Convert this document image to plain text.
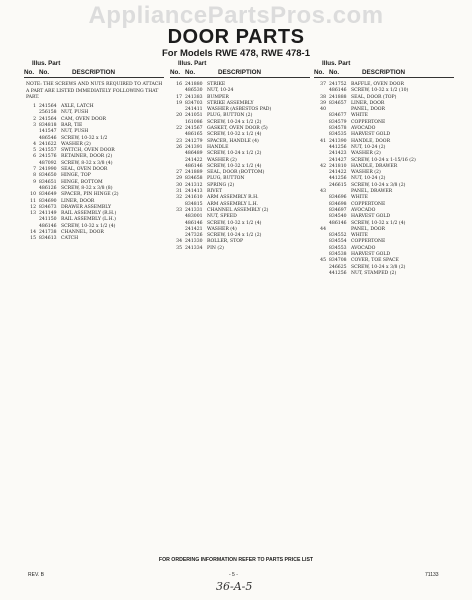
AppliancePartsPros.com
DOOR PARTS
For Models RWE 478, RWE 478-1
Illus. Part
No. No.	DESCRIPTION
NOTE: THE SCREWS AND NUTS REQUIRED TO ATTACH A PART ARE LISTED IMMEDIATELY FOLLOWING THAT PART.
1 241564 AXLE, LATCH
256158 NUT, PUSH
2 241564 CAM, OVEN DOOR
3 834818 BAR, TIE
141547 NUT, PUSH
486546 SCREW, 10-32 x 1/2
4 241622 WASHER (2)
5 241557 SWITCH, OVEN DOOR
6 241576 RETAINER, DOOR (2)
487092 SCREW, 8-32 x 3/8 (4)
7 241990 SEAL, OVEN DOOR
8 834650 HINGE, TOP
9 834651 HINGE, BOTTOM
486126 SCREW, 8-32 x 3/8 (8)
10 834649 SPACER, PIN HINGE (2)
11 834690 LINER, DOOR
12 834673 DRAWER ASSEMBLY
13 241149 RAIL ASSEMBLY (R.H.)
241150 RAIL ASSEMBLY (L.H.)
486146 SCREW, 10-32 x 1/2 (4)
14 241738 CHANNEL, DOOR
15 834613 CATCH
Illus. Part
No. No.	DESCRIPTION
16 241880 STRIKE
486530 NUT, 10-24
17 241383 BUMPER
19 834703 STRIKE ASSEMBLY
241411 WASHER (ASBESTOS PAD)
20 241051 PLUG, BUTTON (2)
161086 SCREW, 10-24 x 1/2 (2)
22 241567 GASKET, OVEN DOOR (5)
486165 SCREW, 10-32 x 1/2 (4)
23 241279 SPACER, HANDLE (4)
26 241391 HANDLE
486489 SCREW, 10-24 x 1/2 (2)
241422 WASHER (2)
486146 SCREW, 10-32 x 1/2 (4)
27 241889 SEAL, DOOR (BOTTOM)
29 834658 PLUG, BUTTON
30 241312 SPRING (2)
31 241413 RIVET
32 241610 ARM ASSEMBLY R.H.
834815 ARM ASSEMBLY L.H.
33 241331 CHANNEL ASSEMBLY (2)
483001 NUT, SPEED
486146 SCREW, 10-32 x 1/2 (4)
241421 WASHER (4)
247326 SCREW, 10-24 x 1/2 (2)
34 241330 ROLLER, STOP
35 241334 PIN (2)
Illus. Part
No. No.	DESCRIPTION
37 241752 BAFFLE, OVEN DOOR
486146 SCREW, 10-32 x 1/2 (10)
38 241888 SEAL, DOOR (TOP)
39 834657 LINER, DOOR
40	PANEL, DOOR
834677 WHITE
834579 COPPERTONE
834578 AVOCADO
834535 HARVEST GOLD
41 241390 HANDLE, DOOR
441256 NUT, 10-24 (2)
241423 WASHER (2)
241427 SCREW, 10-24 x 1-15/16 (2)
42 241810 HANDLE, DRAWER
241422 WASHER (2)
441256 NUT, 10-24 (2)
246615 SCREW, 10-24 x 3/8 (2)
43	PANEL, DRAWER
834696 WHITE
834698 COPPERTONE
834697 AVOCADO
834540 HARVEST GOLD
486146 SCREW, 10-32 x 1/2 (4)
44	PANEL, DOOR
834552 WHITE
834554 COPPERTONE
834553 AVOCADO
834538 HARVEST GOLD
45 834708 COVER, TOE SPACE
246625 SCREW, 10-24 x 3/8 (2)
441256 NUT, STAMPED (2)
FOR ORDERING INFORMATION REFER TO PARTS PRICE LIST
REV. B	- 5 -	71133
36-A-5
